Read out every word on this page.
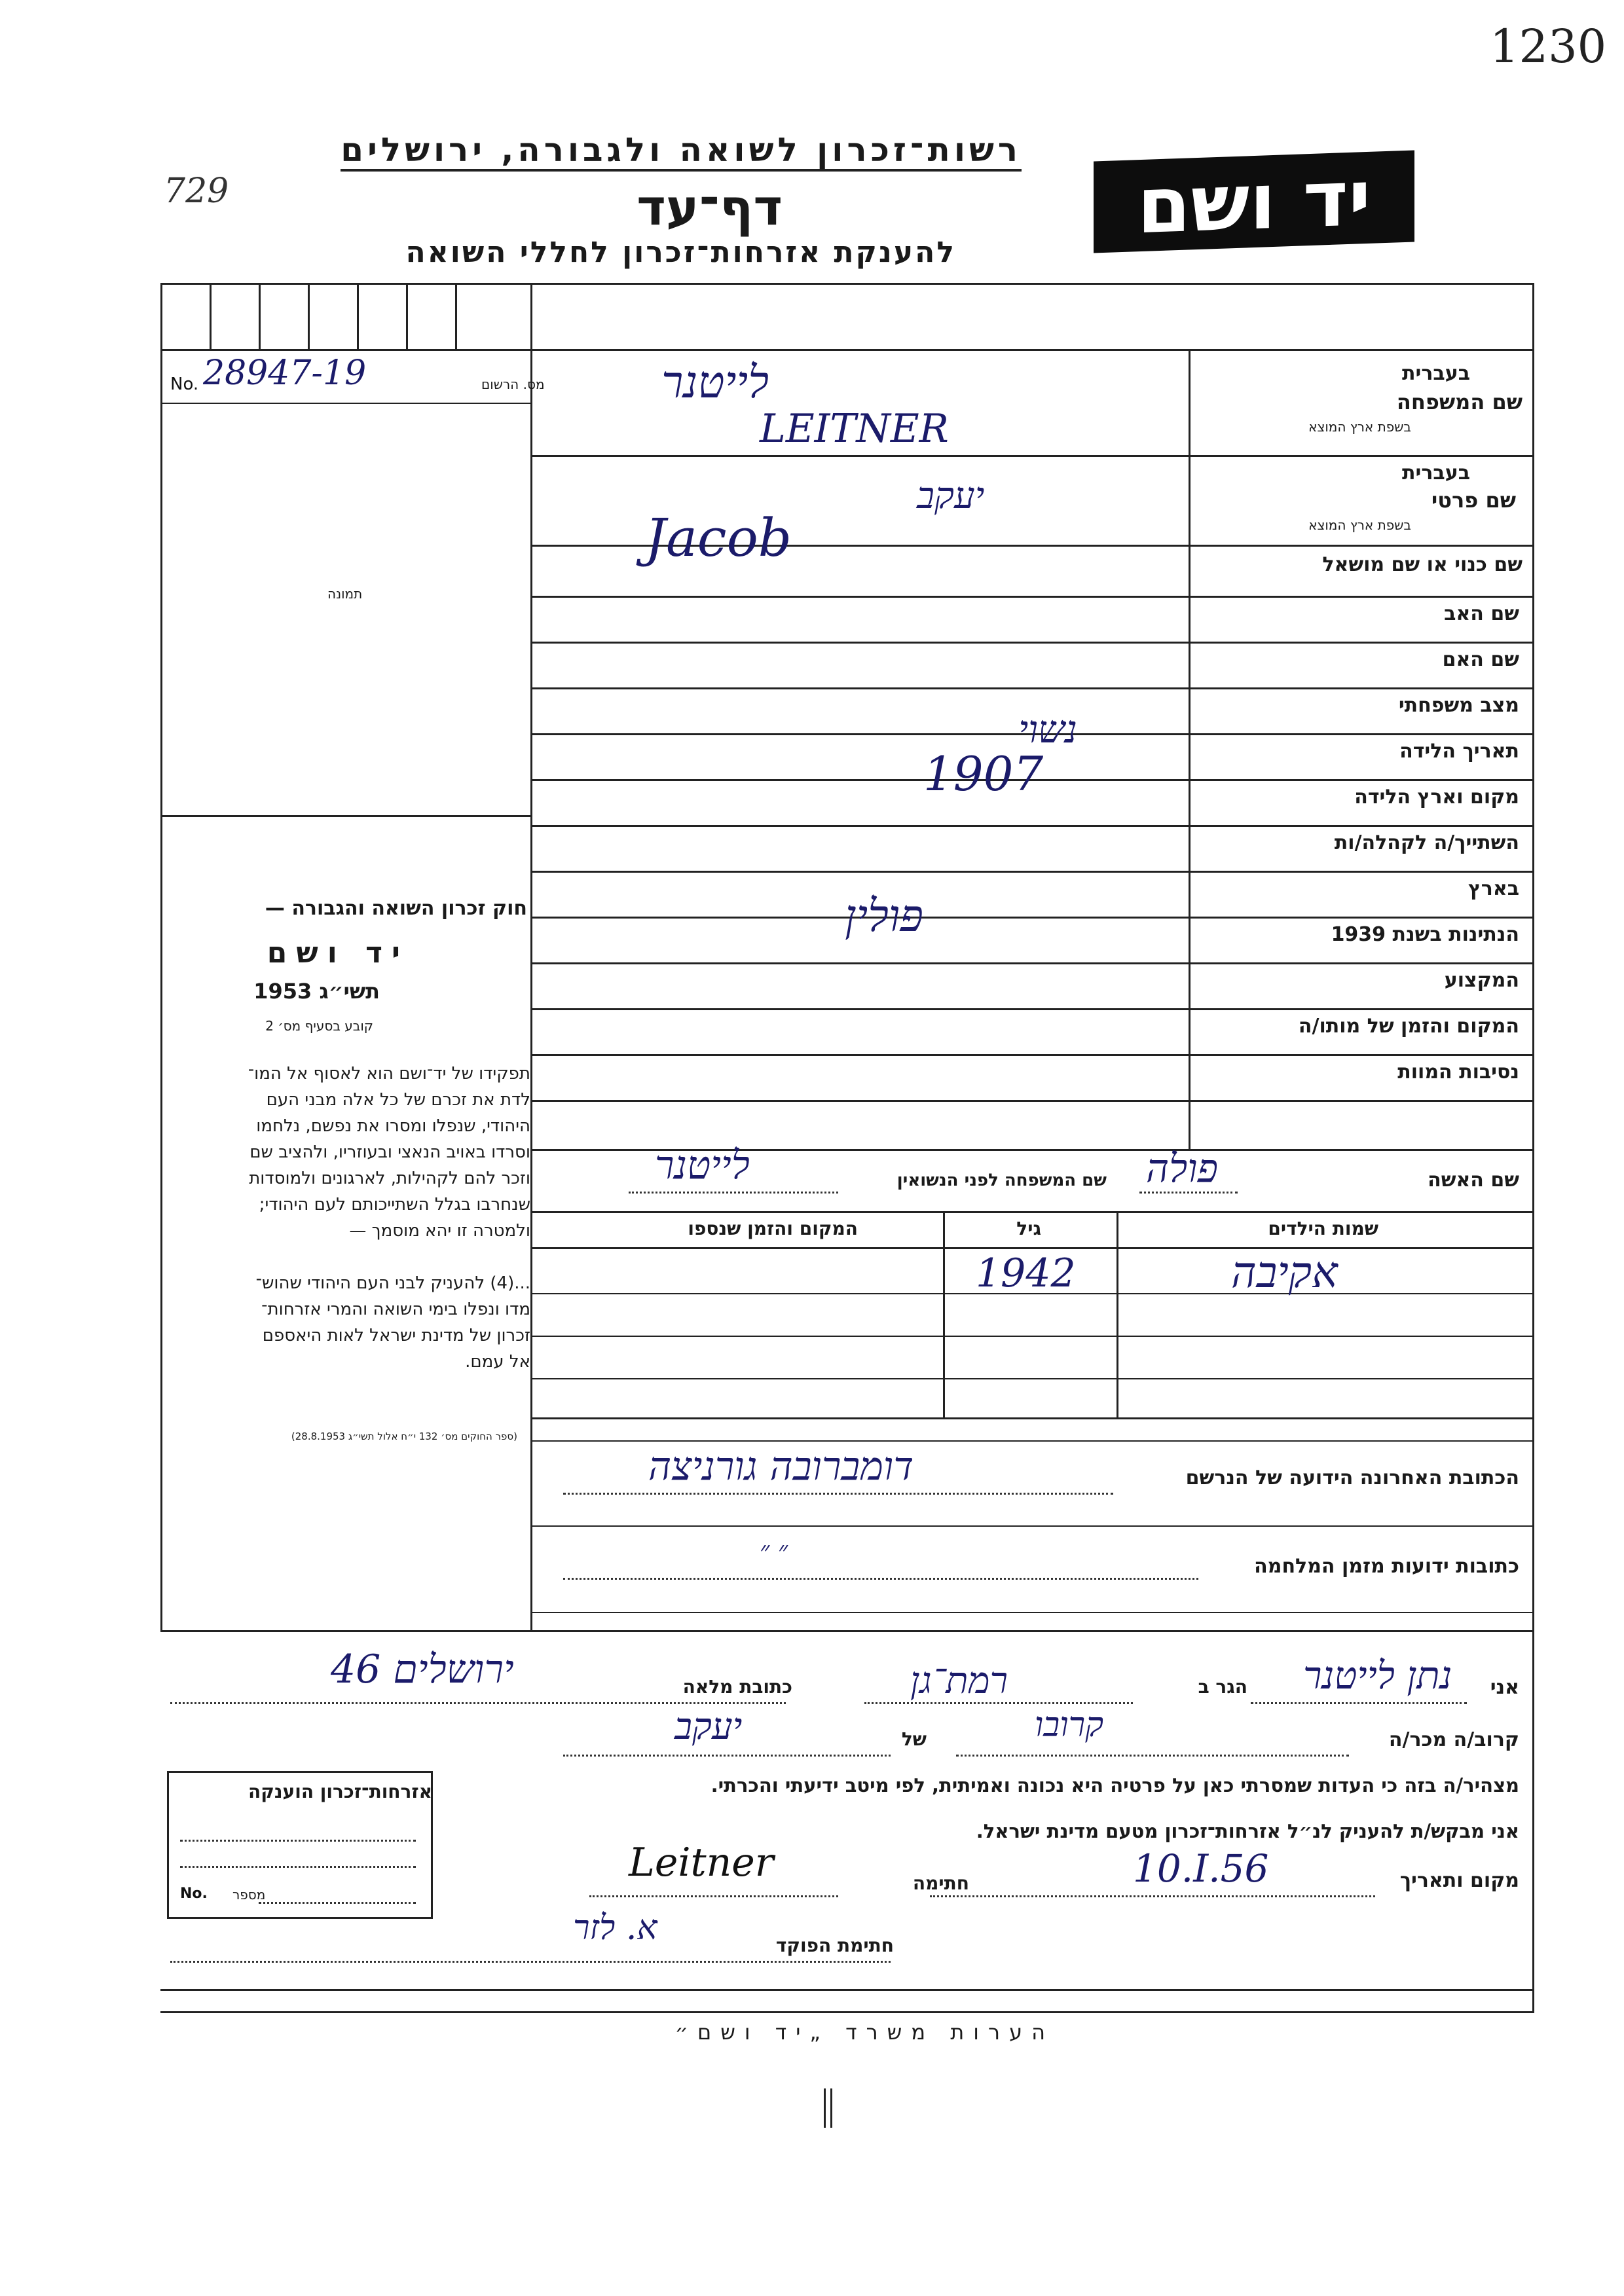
1230
729
רשות־זכרון לשואה ולגבורה, ירושלים
דף־עד
להענקת אזרחות־זכרון לחללי השואה
יד ושם
מס. הרשום
No. 28947-19
תמונה
חוק זכרון השואה והגבורה —
יד ושם
תשי״ג 1953
קובע בסעיף מס׳ 2
תפקידו של יד־ושם הוא לאסוף אל המו־
לדת את זכרם של כל אלה מבני העם
היהודי, שנפלו ומסרו את נפשם, נלחמו
וסרדו באויב הנאצי ובעוזריו, ולהציב שם
וזכר להם לקהילות, לארגונים ולמוסדות
שנחרבו בגלל השתייכותם לעם היהודי;
ולמטרה זו יהא מוסמך —
...(4) להעניק לבני העם היהודי שהוש־
מדו ונפלו בימי השואה והמרי אזרחות־
זכרון של מדינת ישראל לאות היאספם
אל עמם.
(ספר החוקים מס׳ 132 י״ח אלול תשי״ג 28.8.1953)
בעברית
שם המשפחה
בשפת ארץ המוצא
בעברית
שם פרטי
בשפת ארץ המוצא
שם כנוי או שם מושאל
שם האב
שם האם
מצב משפחתי
תאריך הלידה
מקום וארץ הלידה
השתייך/ה לקהלה/ות
בארץ
הנתינות בשנת 1939
המקצוע
המקום והזמן של מותו/ה
נסיבות המוות
לייטנר
LEITNER
יעקב
Jacob
נשוי
1907
פולין
שם האשה
פולה
שם המשפחה לפני הנשואין
לייטנר
שמות הילדים
גיל
המקום והזמן שנספו
אקיבה
1942
הכתובת האחרונה הידועה של הנרשם
דומברובה גורניצה
כתובות ידועות מזמן המלחמה
״ ״
אני
נתן לייטנר
הגר ב
רמת־גן
כתובת מלאה
ירושלים 46
קרוב/ה מכר/ה
קרובו
של
יעקב
מצהיר/ה בזה כי העדות שמסרתי כאן על פרטיה היא נכונה ואמיתית, לפי מיטב ידיעתי והכרתי.
אני מבקש/ת להעניק לנ״ל אזרחות־זכרון מטעם מדינת ישראל.
מקום ותאריך
10.I.56
חתימה
Leitner
חתימת הפוקד
א. לזר
אזרחות־זכרון הוענקה
No. מספר
הערות משרד „יד ושם״
